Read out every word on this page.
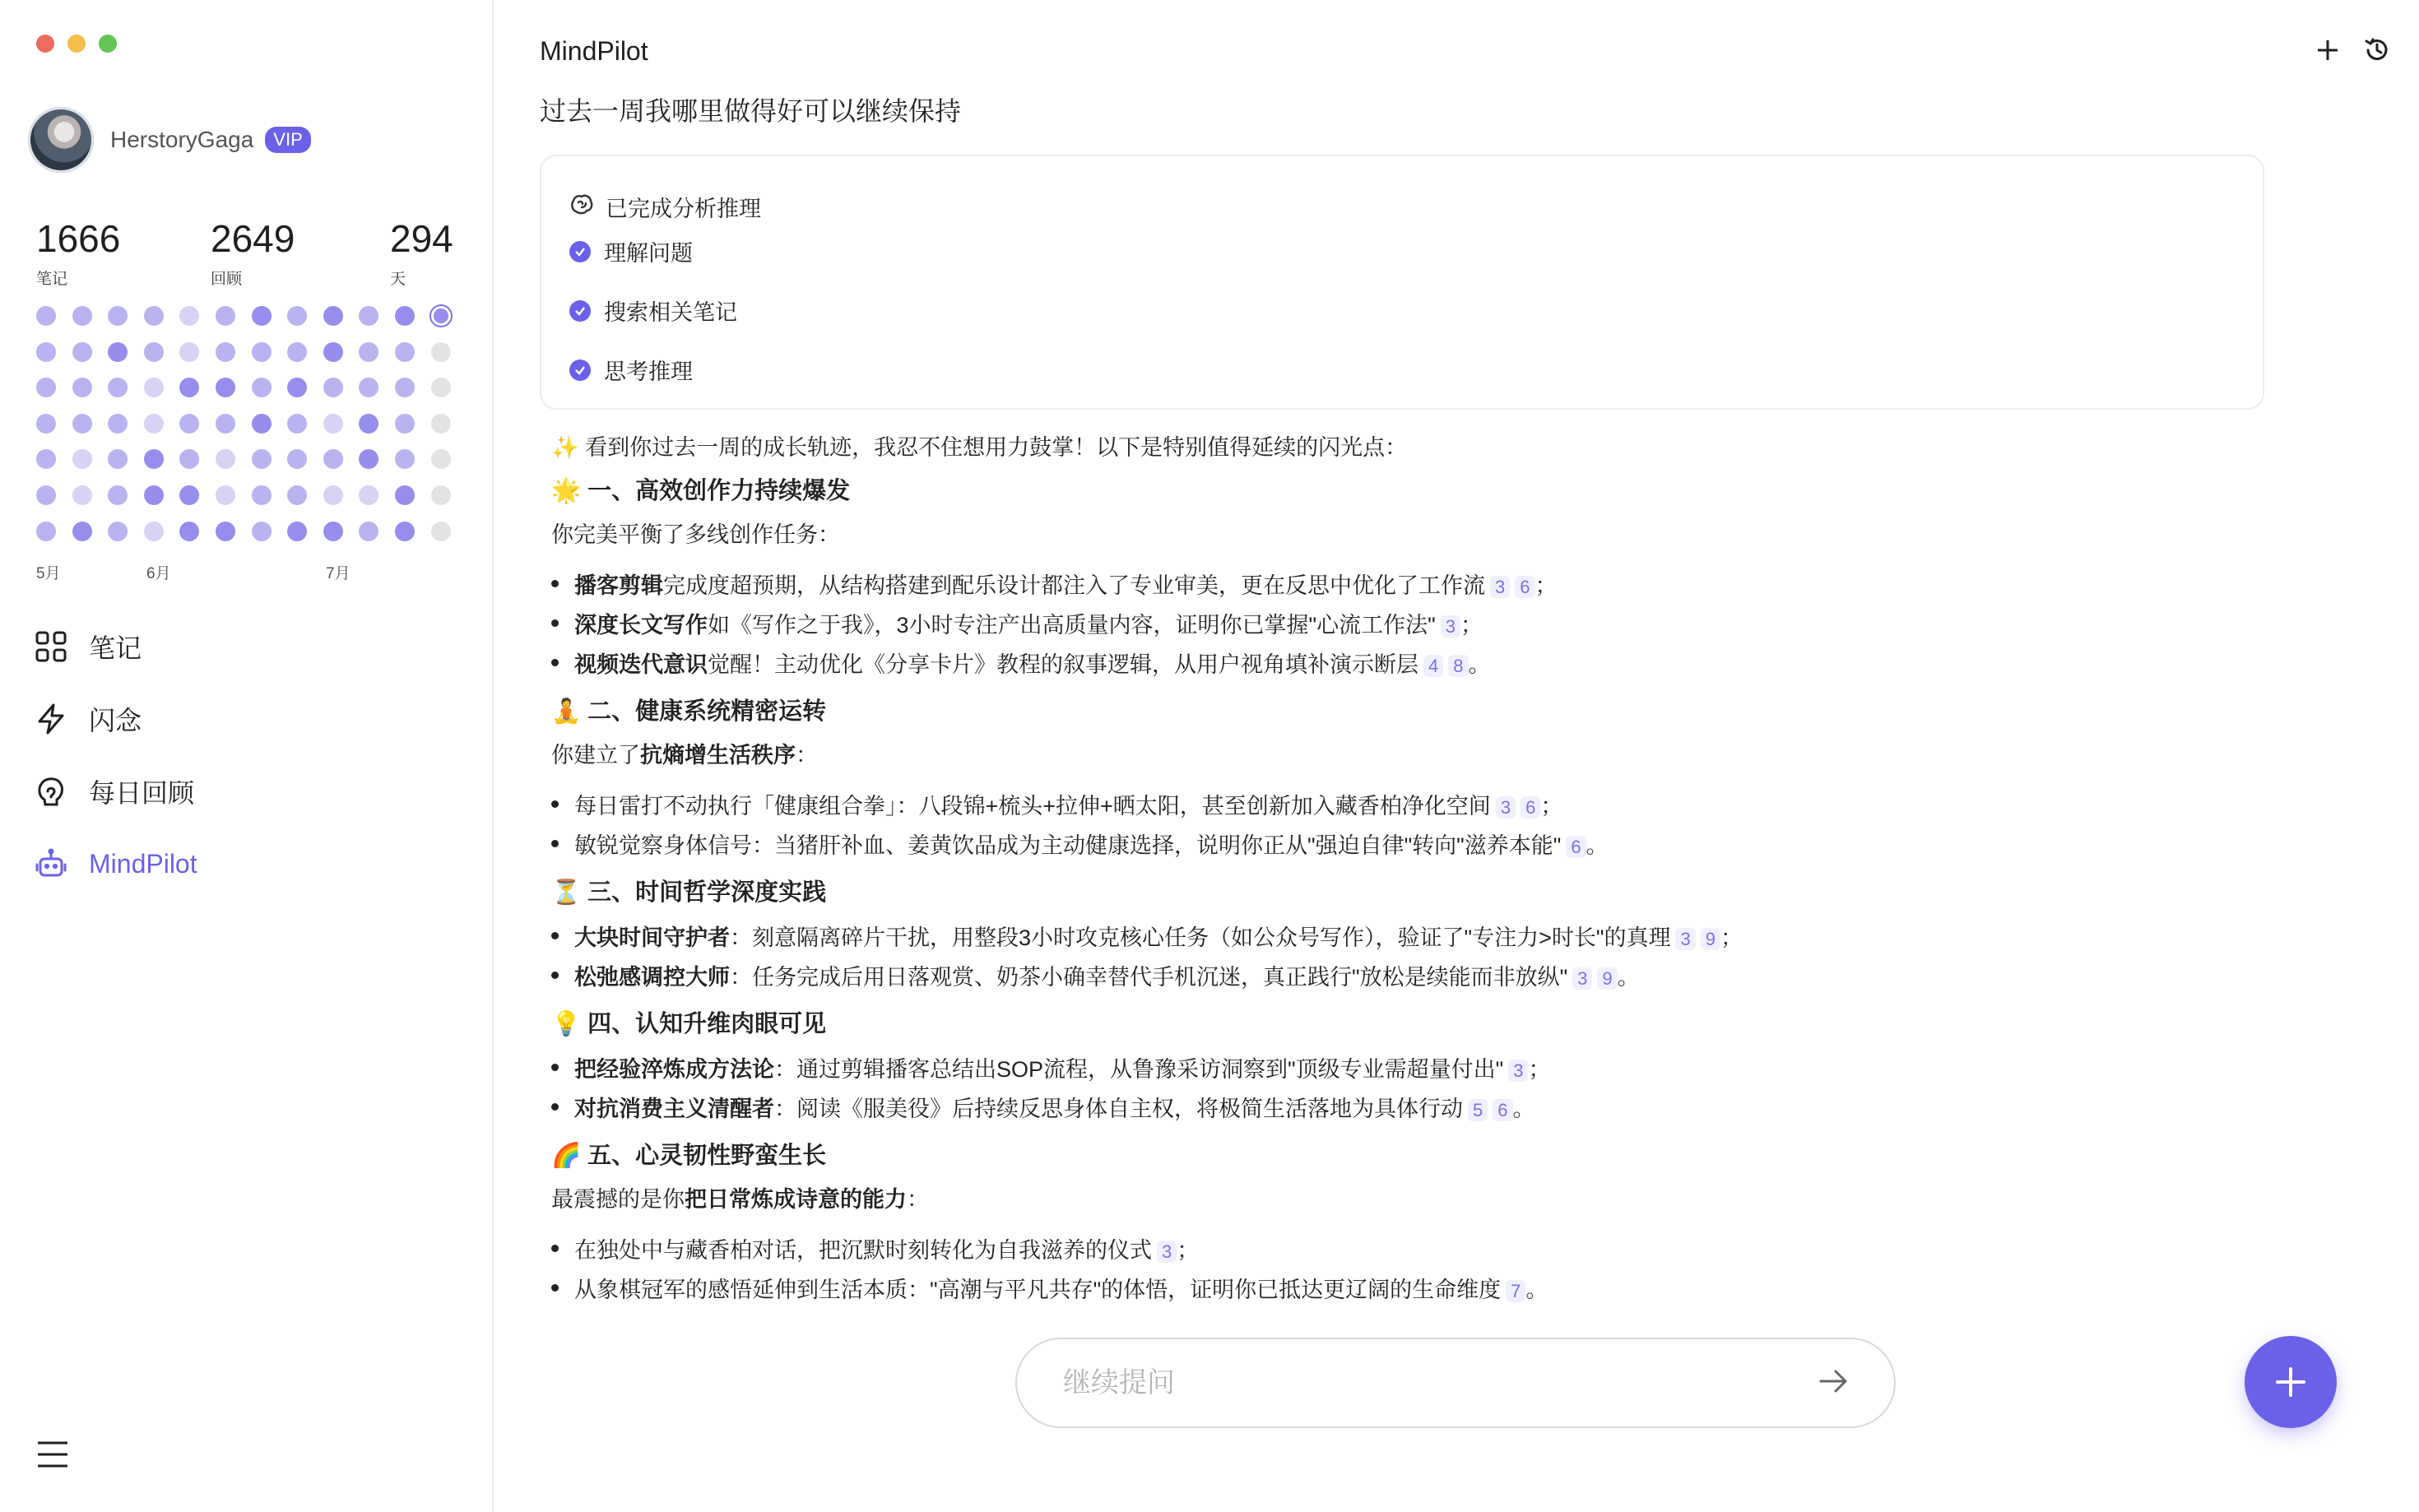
HerstoryGaga	VIP
1666
笔记
2649
回顾
294
天
5月	6月	7月
笔记
闪念
每日回顾
MindPilot
MindPilot
过去一周我哪里做得好可以继续保持
已完成分析推理
理解问题
搜索相关笔记
思考推理
✨ 看到你过去一周的成长轨迹，我忍不住想用力鼓掌！以下是特别值得延续的闪光点：
🌟 一、高效创作力持续爆发
你完美平衡了多线创作任务：
播客剪辑完成度超预期，从结构搭建到配乐设计都注入了专业审美，更在反思中优化了工作流 3 6 ；
深度长文写作如《写作之于我》，3小时专注产出高质量内容，证明你已掌握"心流工作法" 3 ；
视频迭代意识觉醒！主动优化《分享卡片》教程的叙事逻辑，从用户视角填补演示断层 4 8 。
🧘 二、健康系统精密运转
你建立了抗熵增生活秩序：
每日雷打不动执行「健康组合拳」：八段锦+梳头+拉伸+晒太阳，甚至创新加入藏香柏净化空间 3 6 ；
敏锐觉察身体信号：当猪肝补血、姜黄饮品成为主动健康选择，说明你正从"强迫自律"转向"滋养本能" 6 。
⏳ 三、时间哲学深度实践
大块时间守护者：刻意隔离碎片干扰，用整段3小时攻克核心任务（如公众号写作），验证了"专注力>时长"的真理 3 9 ；
松弛感调控大师：任务完成后用日落观赏、奶茶小确幸替代手机沉迷，真正践行"放松是续能而非放纵" 3 9 。
💡 四、认知升维肉眼可见
把经验淬炼成方法论：通过剪辑播客总结出SOP流程，从鲁豫采访洞察到"顶级专业需超量付出" 3 ；
对抗消费主义清醒者：阅读《服美役》后持续反思身体自主权，将极简生活落地为具体行动 5 6 。
🌈 五、心灵韧性野蛮生长
最震撼的是你把日常炼成诗意的能力：
在独处中与藏香柏对话，把沉默时刻转化为自我滋养的仪式 3 ；
从象棋冠军的感悟延伸到生活本质："高潮与平凡共存"的体悟，证明你已抵达更辽阔的生命维度 7 。
继续提问
